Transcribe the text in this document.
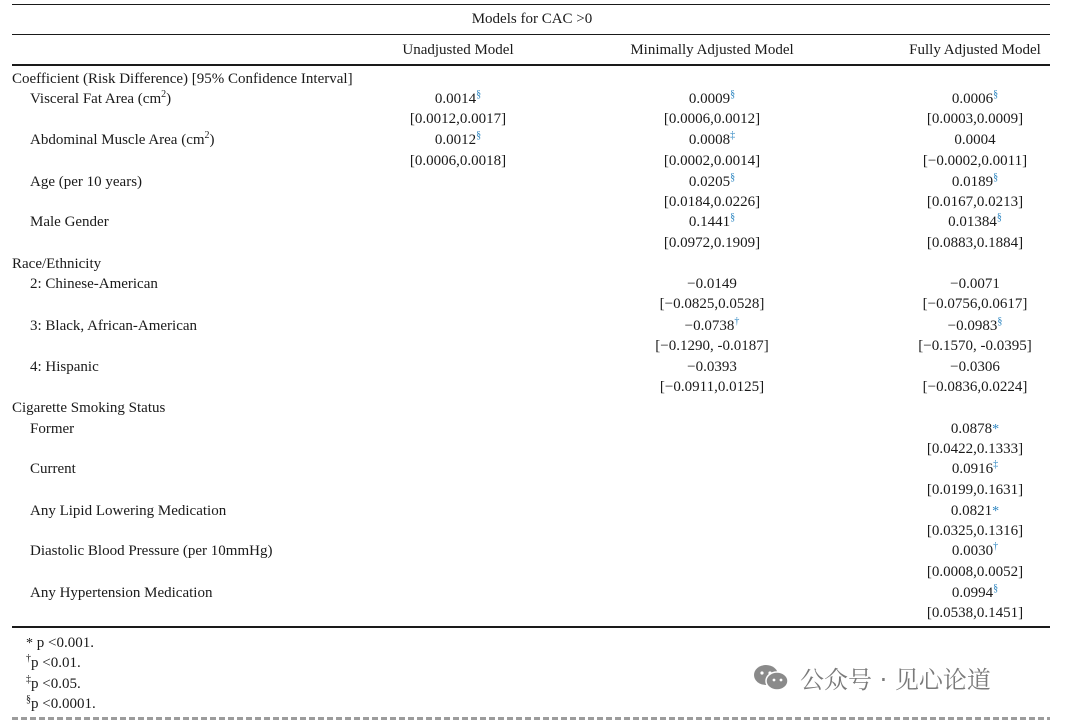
Models for CAC >0
Unadjusted Model	Minimally Adjusted Model	Fully Adjusted Model
Coefficient (Risk Difference) [95% Confidence Interval]
Race/Ethnicity
Cigarette Smoking Status
Visceral Fat Area $(cm^2)$
Abdominal Muscle Area $(cm^2)$
Age (per 10 years)
Male Gender
2: Chinese-American
3: Black, African-American
4: Hispanic
Former
Current
Any Lipid Lowering Medication
Diastolic Blood Pressure (per 10mmHg)
Any Hypertension Medication
0.0014§
[0.0012,0.0017]
0.0009§
[0.0006,0.0012]
0.0006§
[0.0003,0.0009]
0.0012§
[0.0006,0.0018]
0.0008‡
[0.0002,0.0014]
0.0004
[−0.0002,0.0011]
0.0205§
[0.0184,0.0226]
0.0189§
[0.0167,0.0213]
0.1441§
[0.0972,0.1909]
0.01384§
[0.0883,0.1884]
−0.0149
[−0.0825,0.0528]
−0.0071
[−0.0756,0.0617]
−0.0738†
[−0.1290, -0.0187]
−0.0983§
[−0.1570, -0.0395]
−0.0393
[−0.0911,0.0125]
−0.0306
[−0.0836,0.0224]
0.0878*
[0.0422,0.1333]
0.0916‡
[0.0199,0.1631]
0.0821*
[0.0325,0.1316]
0.0030†
[0.0008,0.0052]
0.0994§
[0.0538,0.1451]
* p <0.001.
†p <0.01.
‡p <0.05.
§p <0.0001.
公众号 · 见心论道
